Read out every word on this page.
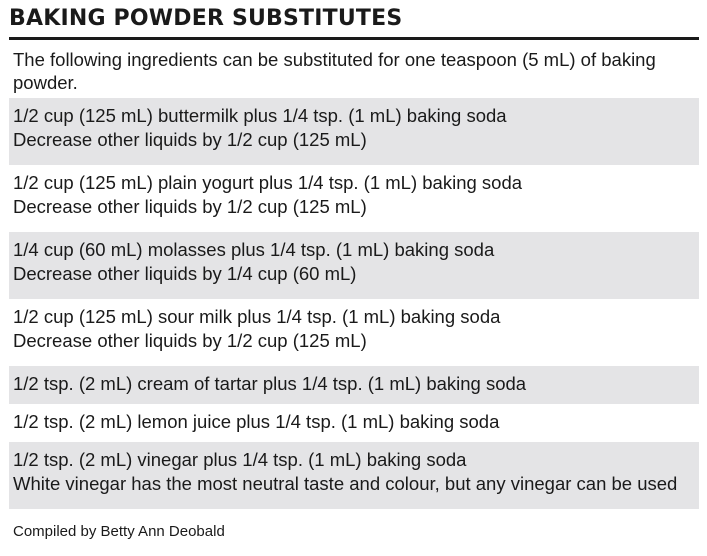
BAKING POWDER SUBSTITUTES

The following ingredients can be substituted for one teaspoon (5 mL) of baking powder.

1/2 cup (125 mL) buttermilk plus 1/4 tsp. (1 mL) baking soda
Decrease other liquids by 1/2 cup (125 mL)
1/2 cup (125 mL) plain yogurt plus 1/4 tsp. (1 mL) baking soda
Decrease other liquids by 1/2 cup (125 mL)
1/4 cup (60 mL) molasses plus 1/4 tsp. (1 mL) baking soda
Decrease other liquids by 1/4 cup (60 mL)
1/2 cup (125 mL) sour milk plus 1/4 tsp. (1 mL) baking soda
Decrease other liquids by 1/2 cup (125 mL)
1/2 tsp. (2 mL) cream of tartar plus 1/4 tsp. (1 mL) baking soda
1/2 tsp. (2 mL) lemon juice plus 1/4 tsp. (1 mL) baking soda
1/2 tsp. (2 mL) vinegar plus 1/4 tsp. (1 mL) baking soda
White vinegar has the most neutral taste and colour, but any vinegar can be used
Compiled by Betty Ann Deobald
